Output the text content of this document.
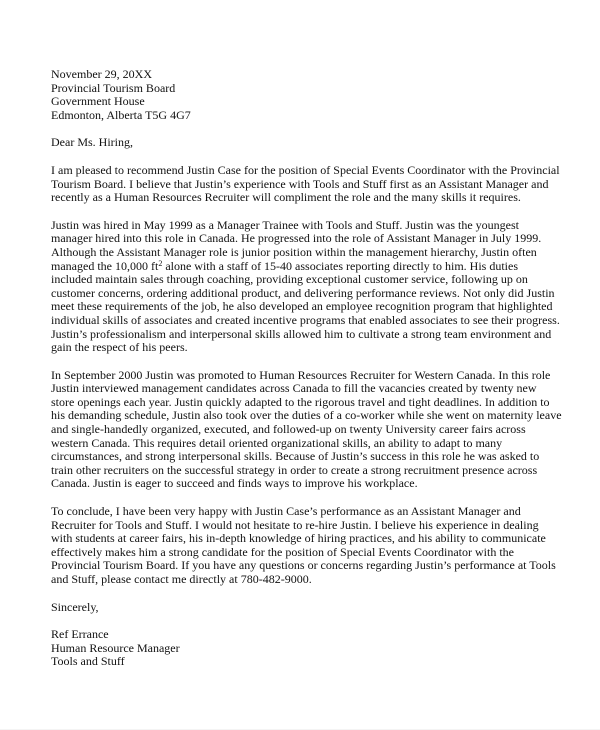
November 29, 20XX
Provincial Tourism Board
Government House
Edmonton, Alberta T5G 4G7
Dear Ms. Hiring,
I am pleased to recommend Justin Case for the position of Special Events Coordinator with the Provincial
Tourism Board. I believe that Justin’s experience with Tools and Stuff first as an Assistant Manager and
recently as a Human Resources Recruiter will compliment the role and the many skills it requires.
Justin was hired in May 1999 as a Manager Trainee with Tools and Stuff. Justin was the youngest
manager hired into this role in Canada. He progressed into the role of Assistant Manager in July 1999.
Although the Assistant Manager role is junior position within the management hierarchy, Justin often
managed the 10,000 $ft^2$ alone with a staff of 15-40 associates reporting directly to him. His duties
included maintain sales through coaching, providing exceptional customer service, following up on
customer concerns, ordering additional product, and delivering performance reviews. Not only did Justin
meet these requirements of the job, he also developed an employee recognition program that highlighted
individual skills of associates and created incentive programs that enabled associates to see their progress.
Justin’s professionalism and interpersonal skills allowed him to cultivate a strong team environment and
gain the respect of his peers.
In September 2000 Justin was promoted to Human Resources Recruiter for Western Canada. In this role
Justin interviewed management candidates across Canada to fill the vacancies created by twenty new
store openings each year. Justin quickly adapted to the rigorous travel and tight deadlines. In addition to
his demanding schedule, Justin also took over the duties of a co-worker while she went on maternity leave
and single-handedly organized, executed, and followed-up on twenty University career fairs across
western Canada. This requires detail oriented organizational skills, an ability to adapt to many
circumstances, and strong interpersonal skills. Because of Justin’s success in this role he was asked to
train other recruiters on the successful strategy in order to create a strong recruitment presence across
Canada. Justin is eager to succeed and finds ways to improve his workplace.
To conclude, I have been very happy with Justin Case’s performance as an Assistant Manager and
Recruiter for Tools and Stuff. I would not hesitate to re-hire Justin. I believe his experience in dealing
with students at career fairs, his in-depth knowledge of hiring practices, and his ability to communicate
effectively makes him a strong candidate for the position of Special Events Coordinator with the
Provincial Tourism Board. If you have any questions or concerns regarding Justin’s performance at Tools
and Stuff, please contact me directly at 780-482-9000.
Sincerely,
Ref Errance
Human Resource Manager
Tools and Stuff
